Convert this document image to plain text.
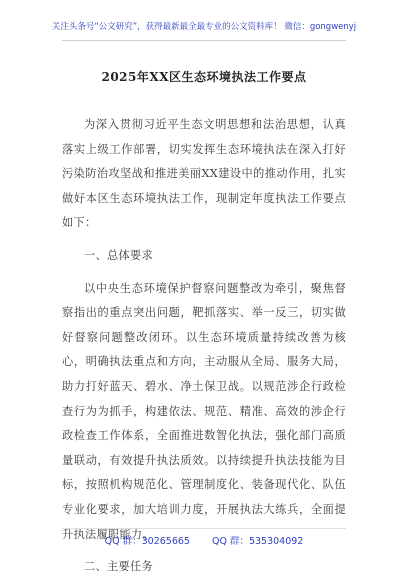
关注头条号“公文研究”，获得最新最全最专业的公文资料库！ 微信：gongwenyj
2025年XX区生态环境执法工作要点

为深入贯彻习近平生态文明思想和法治思想，认真落实上级工作部署，切实发挥生态环境执法在深入打好污染防治攻坚战和推进美丽XX建设中的推动作用，扎实做好本区生态环境执法工作，现制定年度执法工作要点如下：

一、总体要求

以中央生态环境保护督察问题整改为牵引，聚焦督察指出的重点突出问题，靶抓落实、举一反三，切实做好督察问题整改闭环。以生态环境质量持续改善为核心，明确执法重点和方向，主动服从全局、服务大局，助力打好蓝天、碧水、净土保卫战。以规范涉企行政检查行为为抓手，构建依法、规范、精准、高效的涉企行政检查工作体系，全面推进数智化执法，强化部门高质量联动，有效提升执法质效。以持续提升执法技能为目标，按照机构规范化、管理制度化、装备现代化、队伍专业化要求，加大培训力度，开展执法大练兵，全面提升执法履职能力。

二、主要任务

QQ 群：30265665 QQ 群：535304092
